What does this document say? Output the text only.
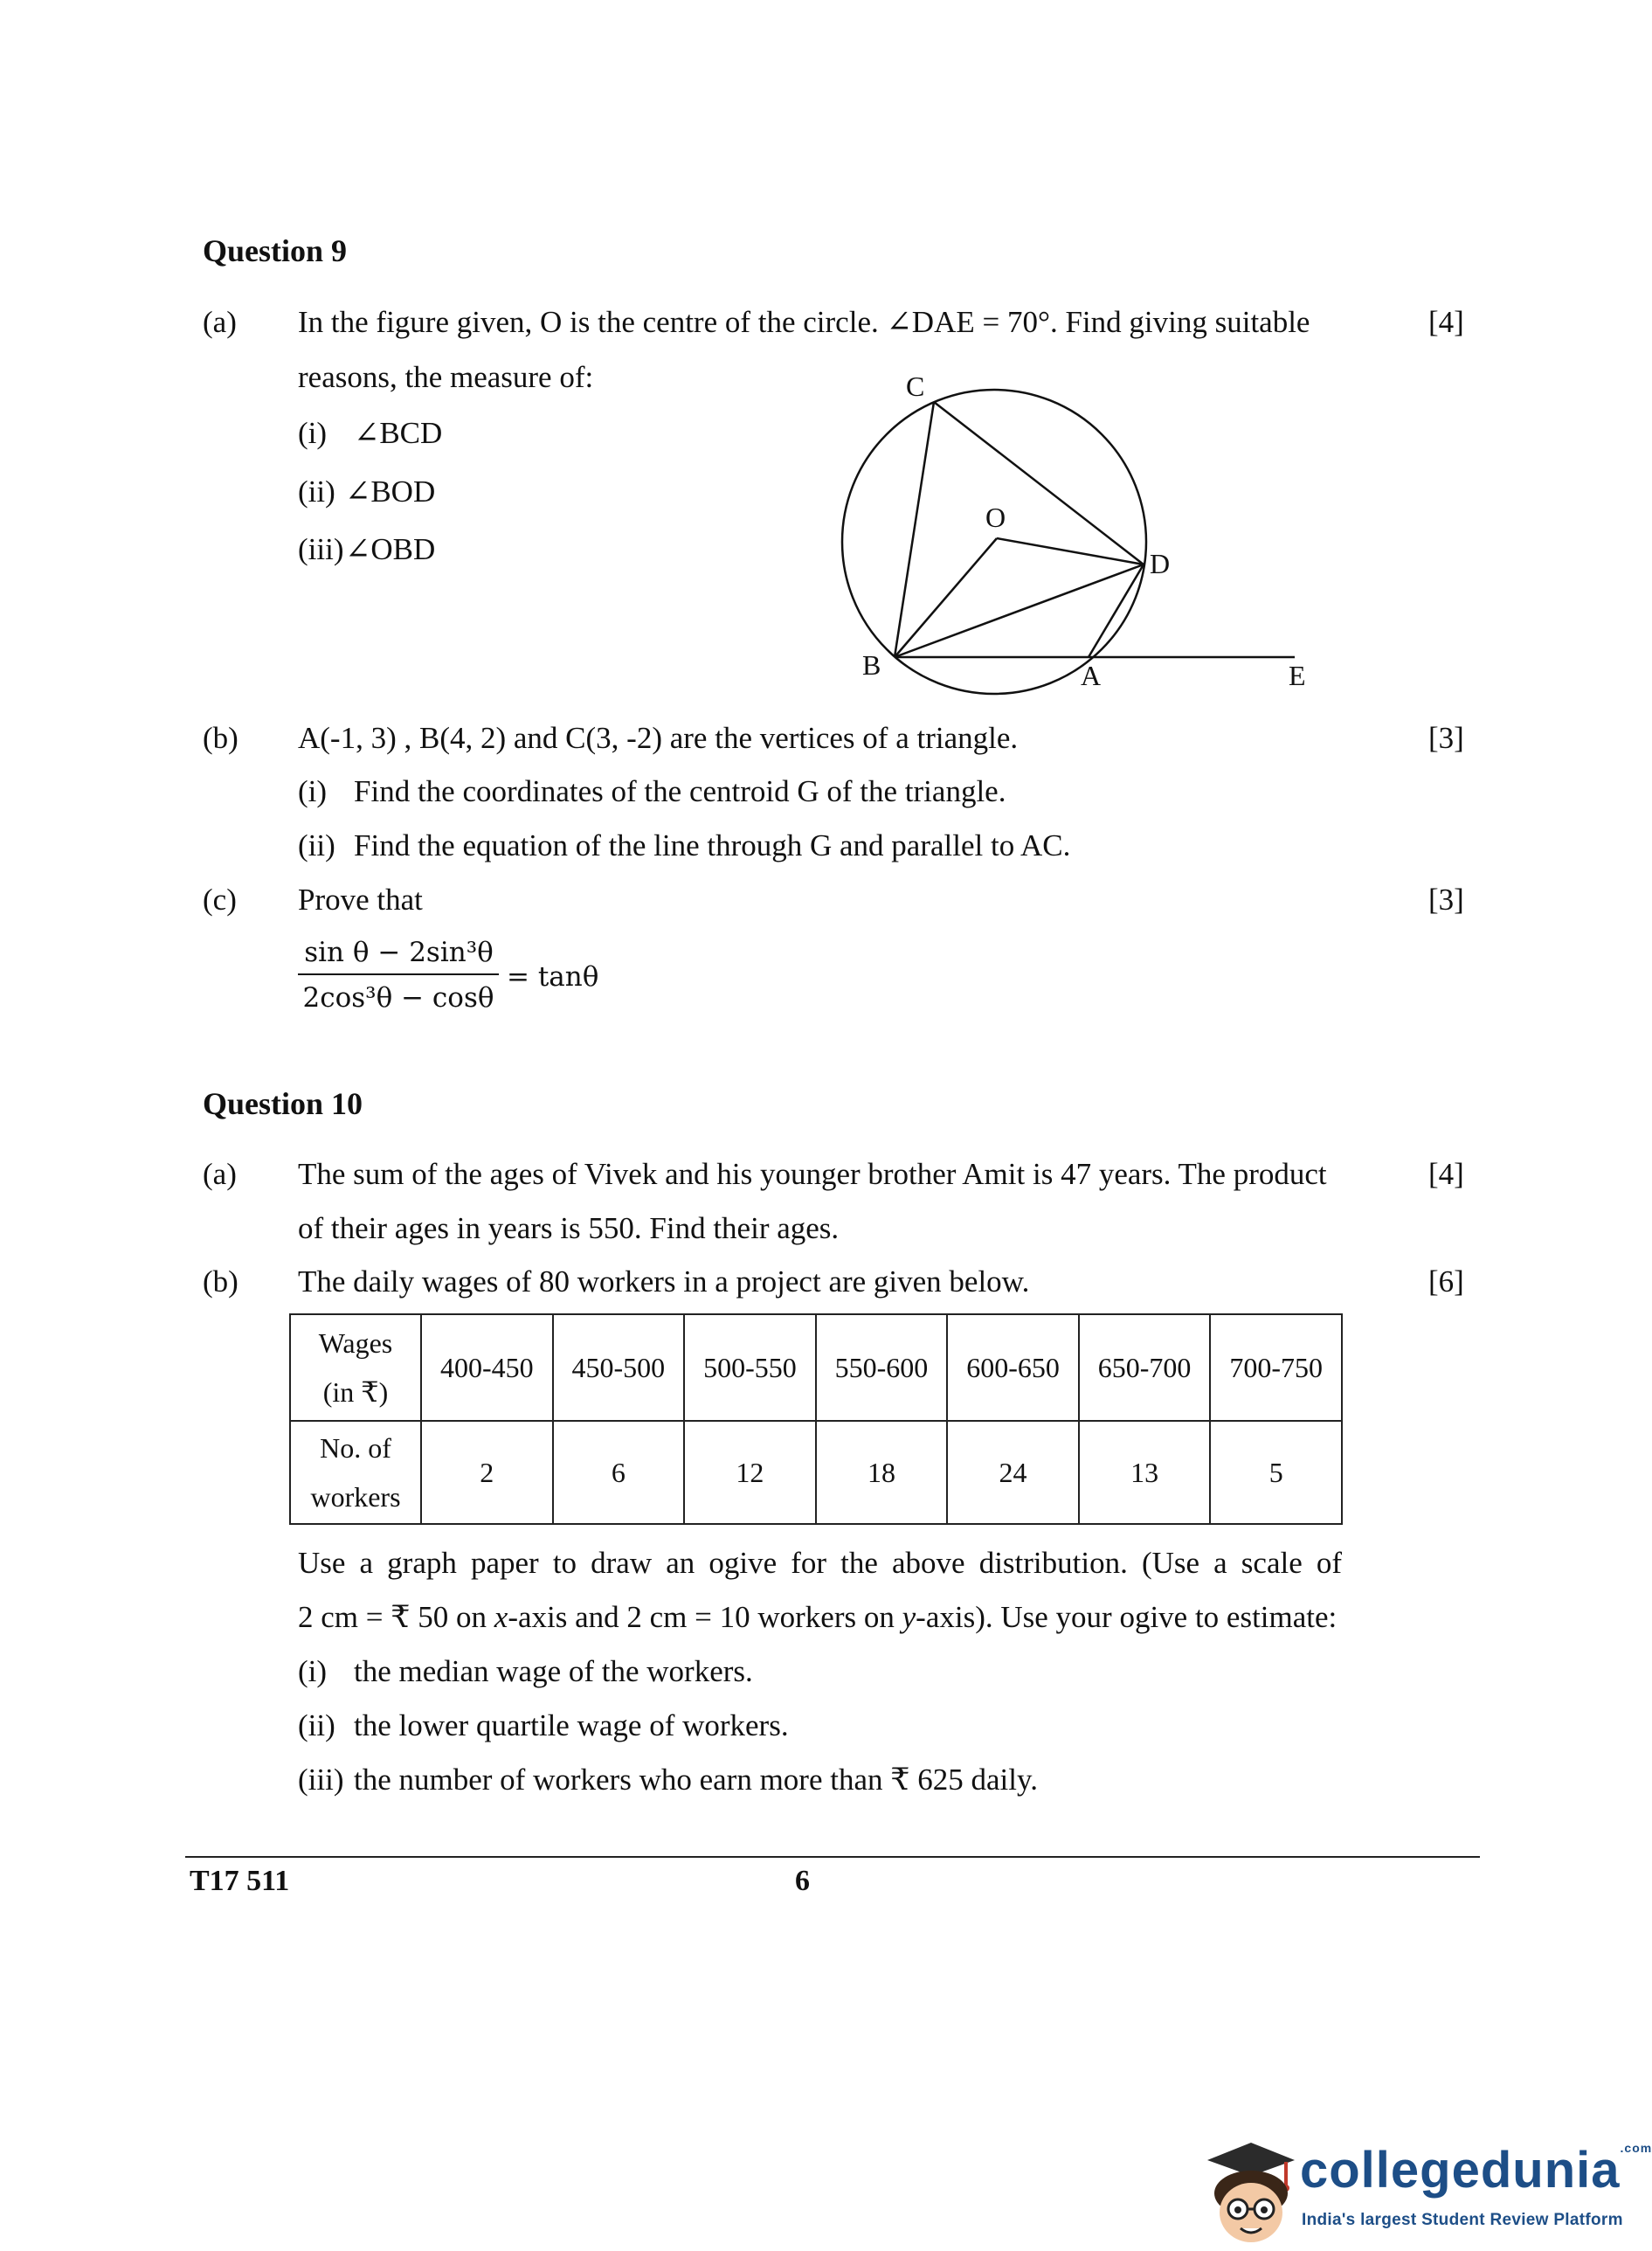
Question 9
(a) In the figure given, O is the centre of the circle. ∠DAE = 70°. Find giving suitable	[4]
reasons, the measure of:
(i) ∠BCD
(ii) ∠BOD
(iii) ∠OBD
C
O
D
B	A	E
(b) A(-1, 3) , B(4, 2) and C(3, -2) are the vertices of a triangle.	[3]
(i) Find the coordinates of the centroid G of the triangle.
(ii) Find the equation of the line through G and parallel to AC.
(c) Prove that	[3]
sin θ − 2sin³θ
2cos³θ − cosθ
= tanθ
Question 10
(a) The sum of the ages of Vivek and his younger brother Amit is 47 years. The product	[4]
of their ages in years is 550. Find their ages.
(b) The daily wages of 80 workers in a project are given below.	[6]
Wages
(in ₹)	400-450	450-500	500-550	550-600	600-650	650-700	700-750

No. of
workers	2	6	12	18	24	13	5
Use a graph paper to draw an ogive for the above distribution. (Use a scale of
2 cm = ₹ 50 on x-axis and 2 cm = 10 workers on y-axis). Use your ogive to estimate:
(i) the median wage of the workers.
(ii) the lower quartile wage of workers.
(iii) the number of workers who earn more than ₹ 625 daily.
T17 511	6
collegedunia$^{.com}$
India's largest Student Review Platform
